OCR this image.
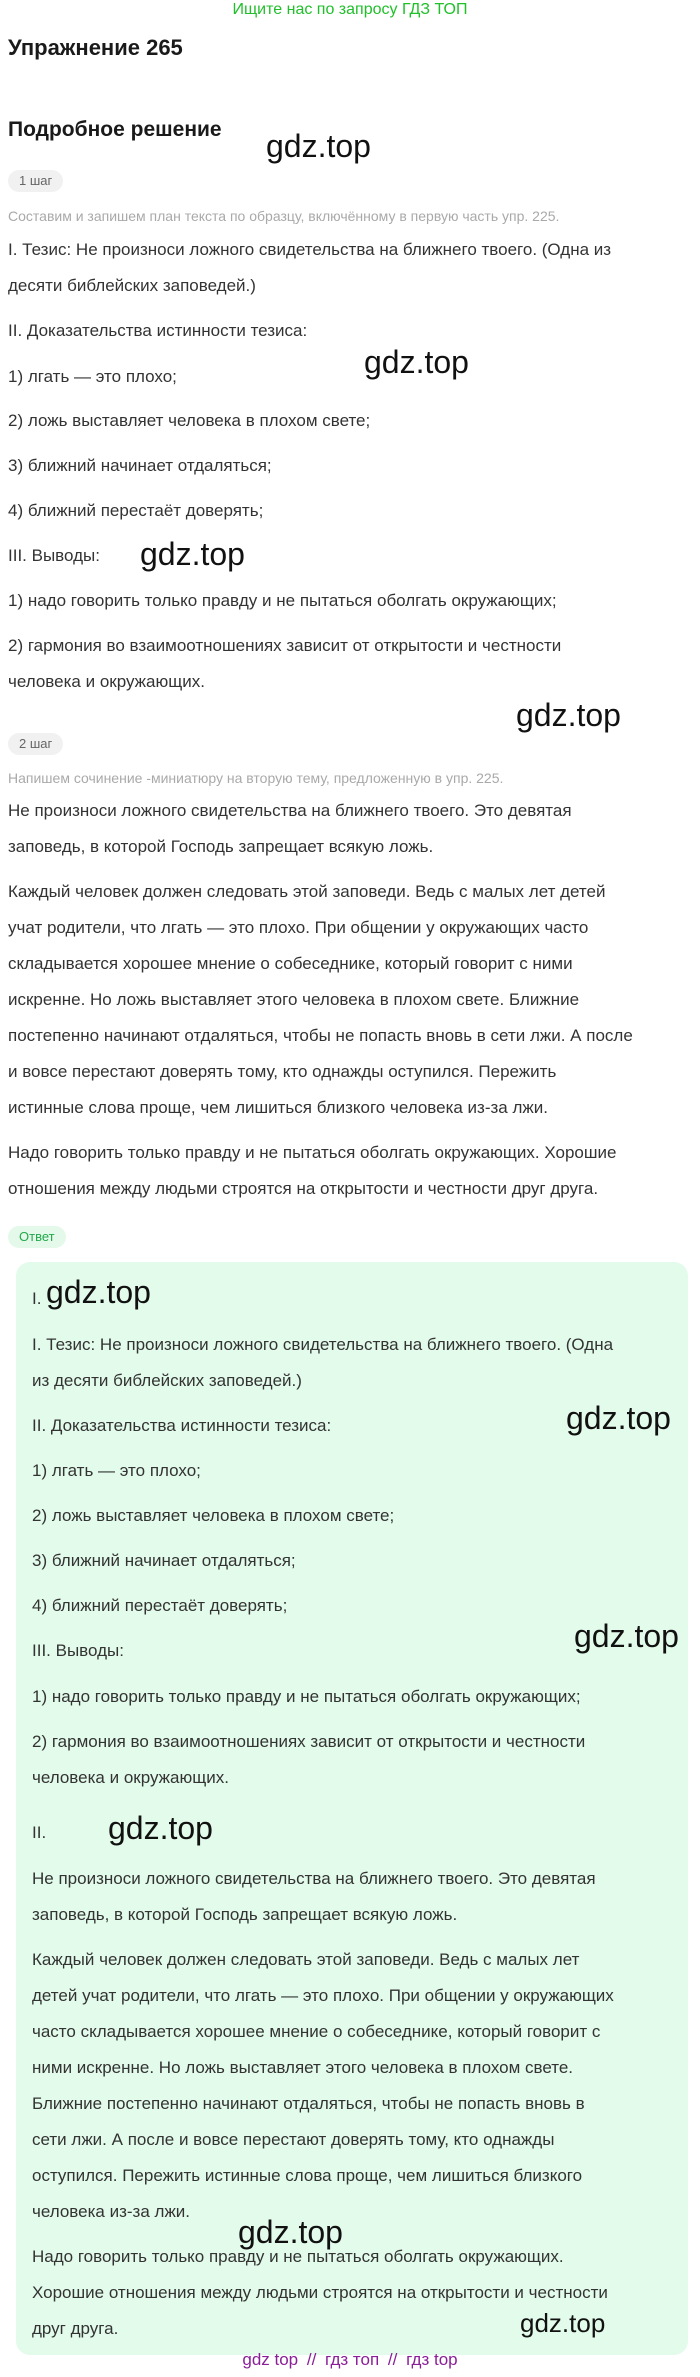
Ищите нас по запросу ГДЗ ТОП
Упражнение 265
Подробное решение gdz.top
gdz.top
gdz.top
gdz.top
1 шаг
Составим и запишем план текста по образцу, включённому в первую часть упр. 225.
I. Тезис: Не произноси ложного свидетельства на ближнего твоего. (Одна из
десяти библейских заповедей.)
II. Доказательства истинности тезиса:
1) лгать — это плохо;
2) ложь выставляет человека в плохом свете;
3) ближний начинает отдаляться;
4) ближний перестаёт доверять;
III. Выводы:
1) надо говорить только правду и не пытаться оболгать окружающих;
2) гармония во взаимоотношениях зависит от открытости и честности
человека и окружающих.
2 шаг
Напишем сочинение -миниатюру на вторую тему, предложенную в упр. 225.
Не произноси ложного свидетельства на ближнего твоего. Это девятая
заповедь, в которой Господь запрещает всякую ложь.
Каждый человек должен следовать этой заповеди. Ведь с малых лет детей
учат родители, что лгать — это плохо. При общении у окружающих часто
складывается хорошее мнение о собеседнике, который говорит с ними
искренне. Но ложь выставляет этого человека в плохом свете. Ближние
постепенно начинают отдаляться, чтобы не попасть вновь в сети лжи. А после
и вовсе перестают доверять тому, кто однажды оступился. Пережить
истинные слова проще, чем лишиться близкого человека из-за лжи.
Надо говорить только правду и не пытаться оболгать окружающих. Хорошие
отношения между людьми строятся на открытости и честности друг друга.
Ответ
I. gdz.top
I. Тезис: Не произноси ложного свидетельства на ближнего твоего. (Одна
из десяти библейских заповедей.)
II. Доказательства истинности тезиса:	gdz.top
1) лгать — это плохо;
2) ложь выставляет человека в плохом свете;
3) ближний начинает отдаляться;
4) ближний перестаёт доверять;
gdz.top
III. Выводы:
1) надо говорить только правду и не пытаться оболгать окружающих;
2) гармония во взаимоотношениях зависит от открытости и честности
человека и окружающих.
II. gdz.top
Не произноси ложного свидетельства на ближнего твоего. Это девятая
заповедь, в которой Господь запрещает всякую ложь.
Каждый человек должен следовать этой заповеди. Ведь с малых лет
детей учат родители, что лгать — это плохо. При общении у окружающих
часто складывается хорошее мнение о собеседнике, который говорит с
ними искренне. Но ложь выставляет этого человека в плохом свете.
Ближние постепенно начинают отдаляться, чтобы не попасть вновь в
сети лжи. А после и вовсе перестают доверять тому, кто однажды
оступился. Пережить истинные слова проще, чем лишиться близкого
человека из-за лжи.
gdz.top
Надо говорить только правду и не пытаться оболгать окружающих.
Хорошие отношения между людьми строятся на открытости и честности
друг друга.	gdz.top
gdz top // гдз топ // гдз top
